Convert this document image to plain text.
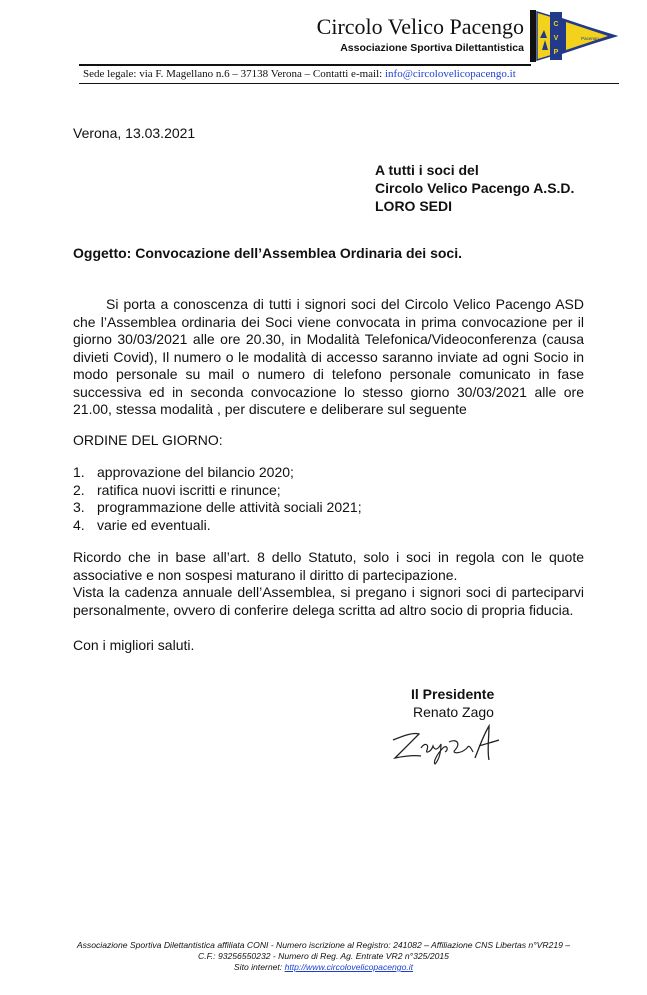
Circolo Velico Pacengo
Associazione Sportiva Dilettantistica
C
V
P
Pacengo
Sede legale: via F. Magellano n.6 – 37138 Verona – Contatti e-mail: info@circolovelicopacengo.it
Verona, 13.03.2021
A tutti i soci del
Circolo Velico Pacengo A.S.D.
LORO SEDI
Oggetto: Convocazione dell’Assemblea Ordinaria dei soci.
Si porta a conoscenza di tutti i signori soci del Circolo Velico Pacengo ASD che l’Assemblea ordinaria dei Soci viene convocata in prima convocazione per il giorno 30/03/2021 alle ore 20.30, in Modalità Telefonica/Videoconferenza (causa divieti Covid), Il numero o le modalità di accesso saranno inviate ad ogni Socio in modo personale su mail o numero di telefono personale comunicato in fase successiva ed in seconda convocazione lo stesso giorno 30/03/2021 alle ore 21.00, stessa modalità , per discutere e deliberare sul seguente
ORDINE DEL GIORNO:
1. approvazione del bilancio 2020;
2. ratifica nuovi iscritti e rinunce;
3. programmazione delle attività sociali 2021;
4. varie ed eventuali.
Ricordo che in base all’art. 8 dello Statuto, solo i soci in regola con le quote associative e non sospesi maturano il diritto di partecipazione.
Vista la cadenza annuale dell’Assemblea, si pregano i signori soci di parteciparvi personalmente, ovvero di conferire delega scritta ad altro socio di propria fiducia.
Con i migliori saluti.
Il Presidente
Renato Zago
Associazione Sportiva Dilettantistica affiliata CONI - Numero iscrizione al Registro: 241082 – Affiliazione CNS Libertas n°VR219 –
C.F.: 93256550232 - Numero di Reg. Ag. Entrate VR2 n°325/2015
Sito internet: http://www.circolovelicopacengo.it
